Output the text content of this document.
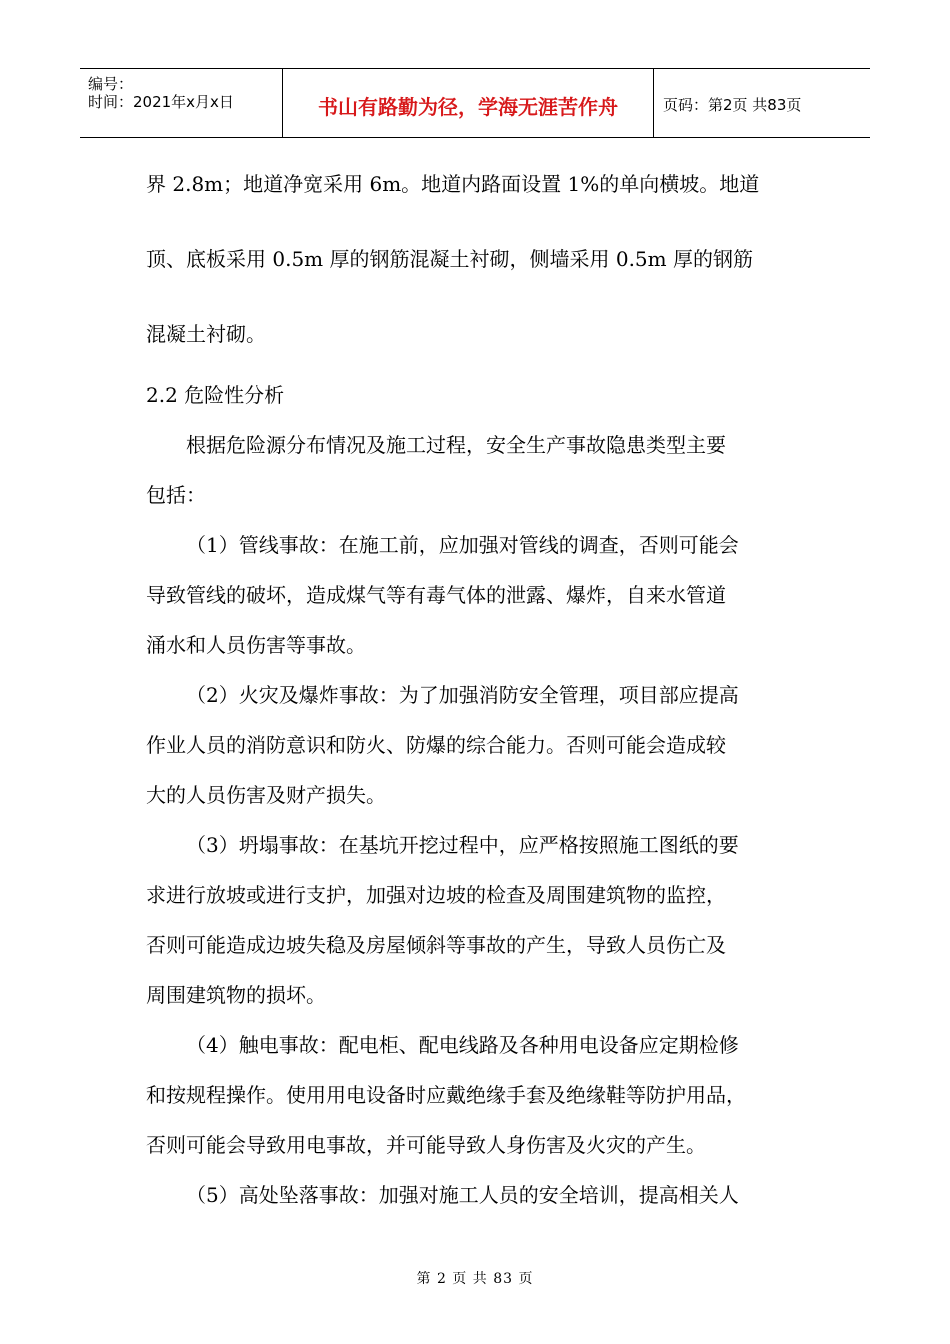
编号：
时间：2021年x月x日	书山有路勤为径，学海无涯苦作舟	页码：第2页 共83页
界 2.8m；地道净宽采用 6m。地道内路面设置 1%的单向横坡。地道
顶、底板采用 0.5m 厚的钢筋混凝土衬砌，侧墙采用 0.5m 厚的钢筋
混凝土衬砌。
2.2 危险性分析
根据危险源分布情况及施工过程，安全生产事故隐患类型主要
包括：
（1）管线事故：在施工前，应加强对管线的调查，否则可能会
导致管线的破坏，造成煤气等有毒气体的泄露、爆炸，自来水管道
涌水和人员伤害等事故。
（2）火灾及爆炸事故：为了加强消防安全管理，项目部应提高
作业人员的消防意识和防火、防爆的综合能力。否则可能会造成较
大的人员伤害及财产损失。
（3）坍塌事故：在基坑开挖过程中，应严格按照施工图纸的要
求进行放坡或进行支护，加强对边坡的检查及周围建筑物的监控，
否则可能造成边坡失稳及房屋倾斜等事故的产生，导致人员伤亡及
周围建筑物的损坏。
（4）触电事故：配电柜、配电线路及各种用电设备应定期检修
和按规程操作。使用用电设备时应戴绝缘手套及绝缘鞋等防护用品，
否则可能会导致用电事故，并可能导致人身伤害及火灾的产生。
（5）高处坠落事故：加强对施工人员的安全培训，提高相关人
第 2 页 共 83 页
